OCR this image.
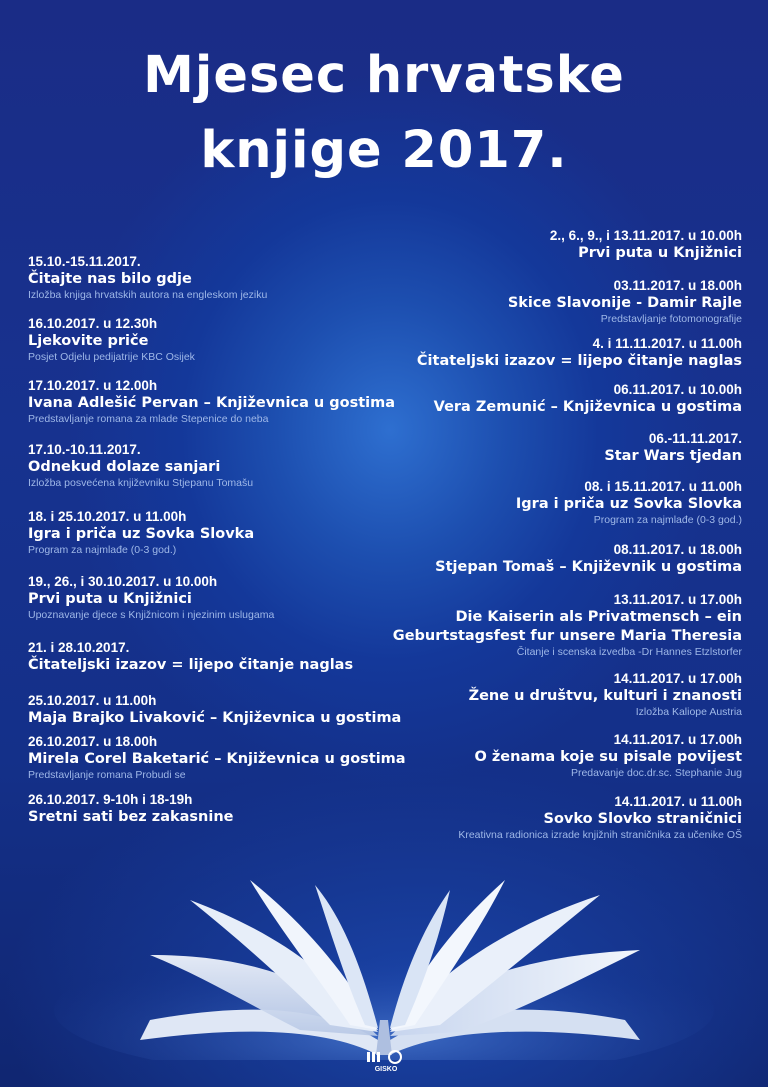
Mjesec hrvatske
knjige 2017.
15.10.-15.11.2017.
Čitajte nas bilo gdje
Izložba knjiga hrvatskih autora na engleskom jeziku
16.10.2017. u 12.30h
Ljekovite priče
Posjet Odjelu pedijatrije KBC Osijek
17.10.2017. u 12.00h
Ivana Adlešić Pervan – Književnica u gostima
Predstavljanje romana za mlade Stepenice do neba
17.10.-10.11.2017.
Odnekud dolaze sanjari
Izložba posvećena književniku Stjepanu Tomašu
18. i 25.10.2017. u 11.00h
Igra i priča uz Sovka Slovka
Program za najmlađe (0-3 god.)
19., 26., i 30.10.2017. u 10.00h
Prvi puta u Knjižnici
Upoznavanje djece s Knjižnicom i njezinim uslugama
21. i 28.10.2017.
Čitateljski izazov = lijepo čitanje naglas
25.10.2017. u 11.00h
Maja Brajko Livaković – Književnica u gostima
26.10.2017. u 18.00h
Mirela Corel Baketarić – Književnica u gostima
Predstavljanje romana Probudi se
26.10.2017. 9-10h i 18-19h
Sretni sati bez zakasnine
2., 6., 9., i 13.11.2017. u 10.00h
Prvi puta u Knjižnici
03.11.2017. u 18.00h
Skice Slavonije - Damir Rajle
Predstavljanje fotomonografije
4. i 11.11.2017. u 11.00h
Čitateljski izazov = lijepo čitanje naglas
06.11.2017. u 10.00h
Vera Zemunić – Književnica u gostima
06.-11.11.2017.
Star Wars tjedan
08. i 15.11.2017. u 11.00h
Igra i priča uz Sovka Slovka
Program za najmlađe (0-3 god.)
08.11.2017. u 18.00h
Stjepan Tomaš – Književnik u gostima
13.11.2017. u 17.00h
Die Kaiserin als Privatmensch – ein
Geburtstagsfest fur unsere Maria Theresia
Čitanje i scenska izvedba -Dr Hannes Etzlstorfer
14.11.2017. u 17.00h
Žene u društvu, kulturi i znanosti
Izložba Kaliope Austria
14.11.2017. u 17.00h
O ženama koje su pisale povijest
Predavanje doc.dr.sc. Stephanie Jug
14.11.2017. u 11.00h
Sovko Slovko straničnici
Kreativna radionica izrade knjižnih straničnika za učenike OŠ
GISKO
